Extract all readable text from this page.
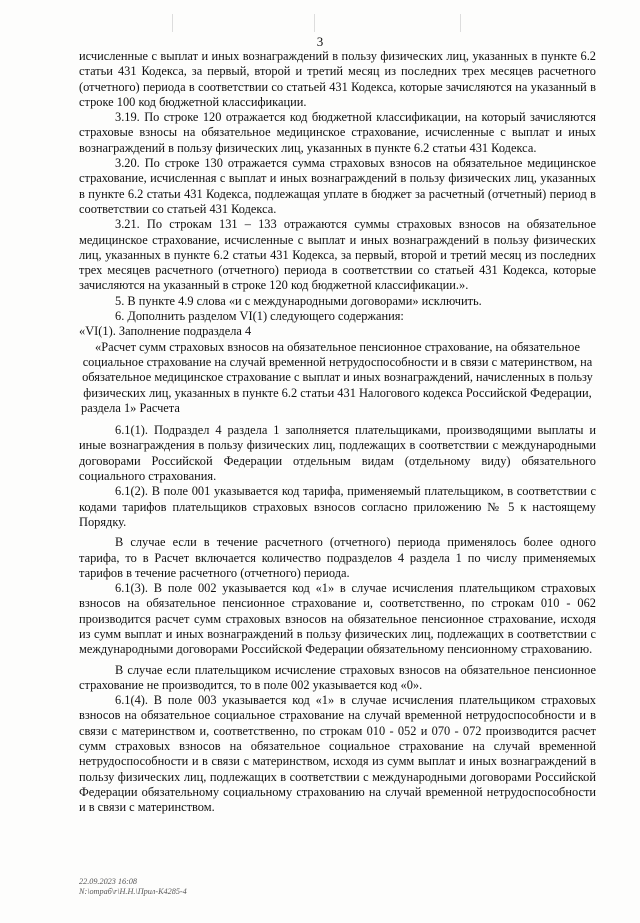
3

исчисленные с выплат и иных вознаграждений в пользу физических лиц, указанных в пункте 6.2 статьи 431 Кодекса, за первый, второй и третий месяц из последних трех месяцев расчетного (отчетного) периода в соответствии со статьей 431 Кодекса, которые зачисляются на указанный в строке 100 код бюджетной классификации.

3.19. По строке 120 отражается код бюджетной классификации, на который зачисляются страховые взносы на обязательное медицинское страхование, исчисленные с выплат и иных вознаграждений в пользу физических лиц, указанных в пункте 6.2 статьи 431 Кодекса.

3.20. По строке 130 отражается сумма страховых взносов на обязательное медицинское страхование, исчисленная с выплат и иных вознаграждений в пользу физических лиц, указанных в пункте 6.2 статьи 431 Кодекса, подлежащая уплате в бюджет за расчетный (отчетный) период в соответствии со статьей 431 Кодекса.

3.21. По строкам 131 – 133 отражаются суммы страховых взносов на обязательное медицинское страхование, исчисленные с выплат и иных вознаграждений в пользу физических лиц, указанных в пункте 6.2 статьи 431 Кодекса, за первый, второй и третий месяц из последних трех месяцев расчетного (отчетного) периода в соответствии со статьей 431 Кодекса, которые зачисляются на указанный в строке 120 код бюджетной классификации.».

5. В пункте 4.9 слова «и с международными договорами» исключить.

6. Дополнить разделом VI(1) следующего содержания:

«VI(1). Заполнение подраздела 4

«Расчет сумм страховых взносов на обязательное пенсионное страхование, на обязательное социальное страхование на случай временной нетрудоспособности и в связи с материнством, на обязательное медицинское страхование с выплат и иных вознаграждений, начисленных в пользу физических лиц, указанных в пункте 6.2 статьи 431 Налогового кодекса Российской Федерации, раздела 1» Расчета

6.1(1). Подраздел 4 раздела 1 заполняется плательщиками, производящими выплаты и иные вознаграждения в пользу физических лиц, подлежащих в соответствии с международными договорами Российской Федерации отдельным видам (отдельному виду) обязательного социального страхования.

6.1(2). В поле 001 указывается код тарифа, применяемый плательщиком, в соответствии с кодами тарифов плательщиков страховых взносов согласно приложению № 5 к настоящему Порядку.

В случае если в течение расчетного (отчетного) периода применялось более одного тарифа, то в Расчет включается количество подразделов 4 раздела 1 по числу применяемых тарифов в течение расчетного (отчетного) периода.

6.1(3). В поле 002 указывается код «1» в случае исчисления плательщиком страховых взносов на обязательное пенсионное страхование и, соответственно, по строкам 010 - 062 производится расчет сумм страховых взносов на обязательное пенсионное страхование, исходя из сумм выплат и иных вознаграждений в пользу физических лиц, подлежащих в соответствии с международными договорами Российской Федерации обязательному пенсионному страхованию.

В случае если плательщиком исчисление страховых взносов на обязательное пенсионное страхование не производится, то в поле 002 указывается код «0».

6.1(4). В поле 003 указывается код «1» в случае исчисления плательщиком страховых взносов на обязательное социальное страхование на случай временной нетрудоспособности и в связи с материнством и, соответственно, по строкам 010 - 052 и 070 - 072 производится расчет сумм страховых взносов на обязательное социальное страхование на случай временной нетрудоспособности и в связи с материнством, исходя из сумм выплат и иных вознаграждений в пользу физических лиц, подлежащих в соответствии с международными договорами Российской Федерации обязательному социальному страхованию на случай временной нетрудоспособности и в связи с материнством.

22.09.2023 16:08
N:\отраб\r\Н.Н.\Прил-К4285-4
